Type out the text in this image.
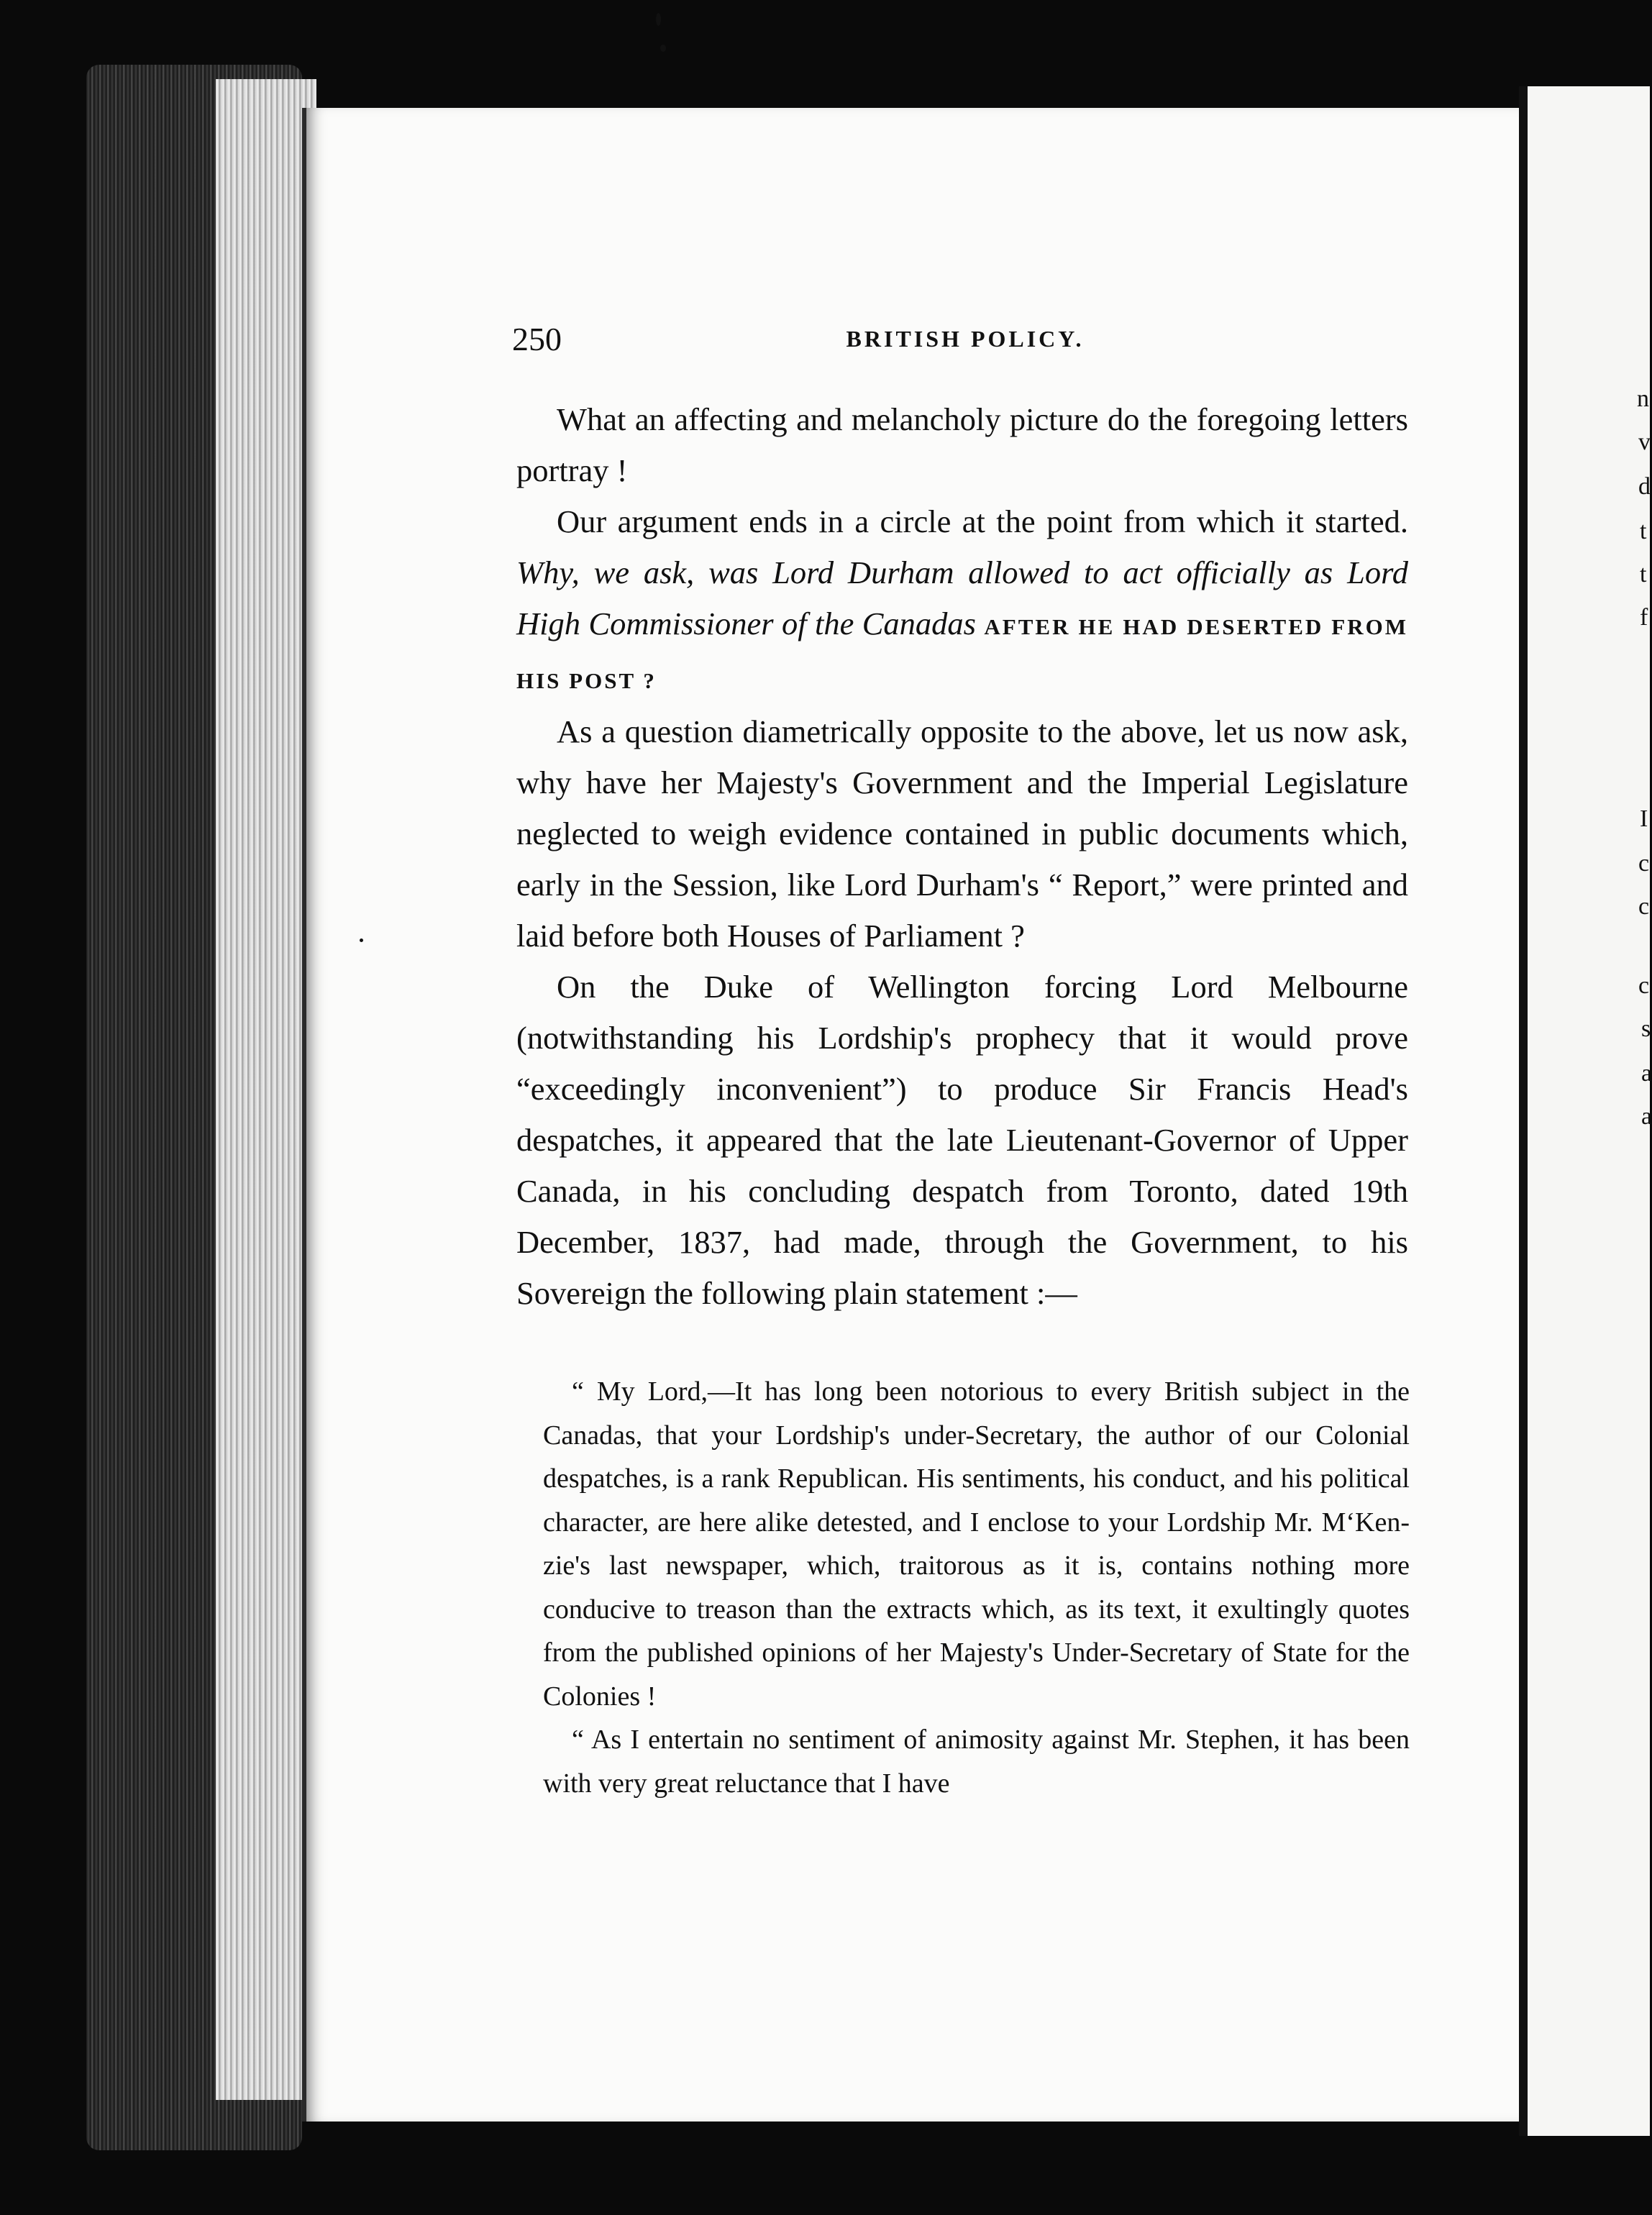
n
v
d
t
t
f
I
c
c
c
s
a
a
250	BRITISH POLICY.

What an affecting and melancholy picture do the foregoing letters portray !

Our argument ends in a circle at the point from which it started. Why, we ask, was Lord Durham allowed to act officially as Lord High Commissioner of the Canadas AFTER HE HAD DESERTED FROM HIS POST ?

As a question diametrically opposite to the above, let us now ask, why have her Majesty's Government and the Imperial Legislature neglected to weigh evidence contained in public documents which, early in the Session, like Lord Durham's “ Report,” were printed and laid before both Houses of Parliament ?

On the Duke of Wellington forcing Lord Melbourne (notwithstanding his Lordship's prophecy that it would prove “exceedingly inconvenient”) to produce Sir Francis Head's despatches, it appeared that the late Lieutenant-Governor of Upper Canada, in his concluding despatch from Toronto, dated 19th December, 1837, had made, through the Government, to his Sovereign the following plain statement :—

“ My Lord,—It has long been notorious to every British subject in the Canadas, that your Lordship's under-Secretary, the author of our Colonial despatches, is a rank Republican. His sentiments, his conduct, and his political character, are here alike detested, and I enclose to your Lordship Mr. M‘Kenzie's last newspaper, which, traitorous as it is, contains nothing more conducive to treason than the extracts which, as its text, it exultingly quotes from the published opinions of her Majesty's Under-Secretary of State for the Colonies !

“ As I entertain no sentiment of animosity against Mr. Stephen, it has been with very great reluctance that I have
